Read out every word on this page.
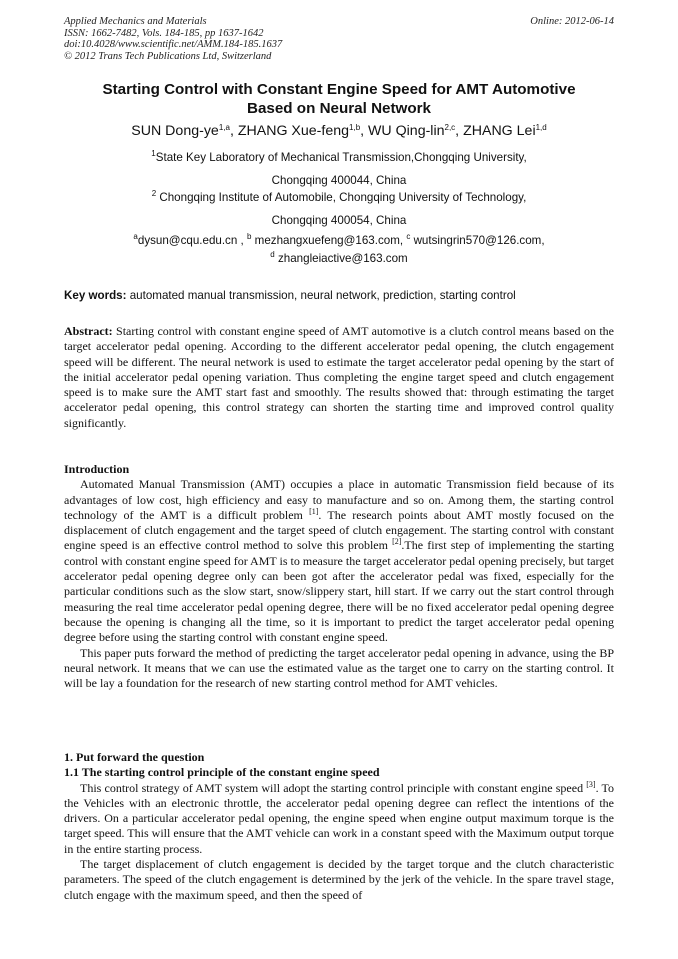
Applied Mechanics and Materials
ISSN: 1662-7482, Vols. 184-185, pp 1637-1642
doi:10.4028/www.scientific.net/AMM.184-185.1637
© 2012 Trans Tech Publications Ltd, Switzerland
Online: 2012-06-14
Starting Control with Constant Engine Speed for AMT Automotive
Based on Neural Network
SUN Dong-ye$^{1,a}$, ZHANG Xue-feng$^{1,b}$, WU Qing-lin$^{2,c}$, ZHANG Lei$^{1,d}$
$^1$State Key Laboratory of Mechanical Transmission,Chongqing University,
Chongqing 400044, China
$^2$ Chongqing Institute of Automobile, Chongqing University of Technology,
Chongqing 400054, China
$^a$dysun@cqu.edu.cn , $^b$ mezhangxuefeng@163.com, $^c$ wutsingrin570@126.com,
$^d$ zhangleiactive@163.com
Key words: automated manual transmission, neural network, prediction, starting control

Abstract: Starting control with constant engine speed of AMT automotive is a clutch control means based on the target accelerator pedal opening. According to the different accelerator pedal opening, the clutch engagement speed will be different. The neural network is used to estimate the target accelerator pedal opening by the start of the initial accelerator pedal opening variation. Thus completing the engine target speed and clutch engagement speed is to make sure the AMT start fast and smoothly. The results showed that: through estimating the target accelerator pedal opening, this control strategy can shorten the starting time and improved control quality significantly.

Introduction

Automated Manual Transmission (AMT) occupies a place in automatic Transmission field because of its advantages of low cost, high efficiency and easy to manufacture and so on. Among them, the starting control technology of the AMT is a difficult problem [1]. The research points about AMT mostly focused on the displacement of clutch engagement and the target speed of clutch engagement. The starting control with constant engine speed is an effective control method to solve this problem [2].The first step of implementing the starting control with constant engine speed for AMT is to measure the target accelerator pedal opening precisely, but target accelerator pedal opening degree only can been got after the accelerator pedal was fixed, especially for the particular conditions such as the slow start, snow/slippery start, hill start. If we carry out the start control through measuring the real time accelerator pedal opening degree, there will be no fixed accelerator pedal opening degree because the opening is changing all the time, so it is important to predict the target accelerator pedal opening degree before using the starting control with constant engine speed.

This paper puts forward the method of predicting the target accelerator pedal opening in advance, using the BP neural network. It means that we can use the estimated value as the target one to carry on the starting control. It will be lay a foundation for the research of new starting control method for AMT vehicles.

1. Put forward the question

1.1 The starting control principle of the constant engine speed

This control strategy of AMT system will adopt the starting control principle with constant engine speed [3]. To the Vehicles with an electronic throttle, the accelerator pedal opening degree can reflect the intentions of the drivers. On a particular accelerator pedal opening, the engine speed when engine output maximum torque is the target speed. This will ensure that the AMT vehicle can work in a constant speed with the Maximum output torque in the entire starting process.

The target displacement of clutch engagement is decided by the target torque and the clutch characteristic parameters. The speed of the clutch engagement is determined by the jerk of the vehicle. In the spare travel stage, clutch engage with the maximum speed, and then the speed of
